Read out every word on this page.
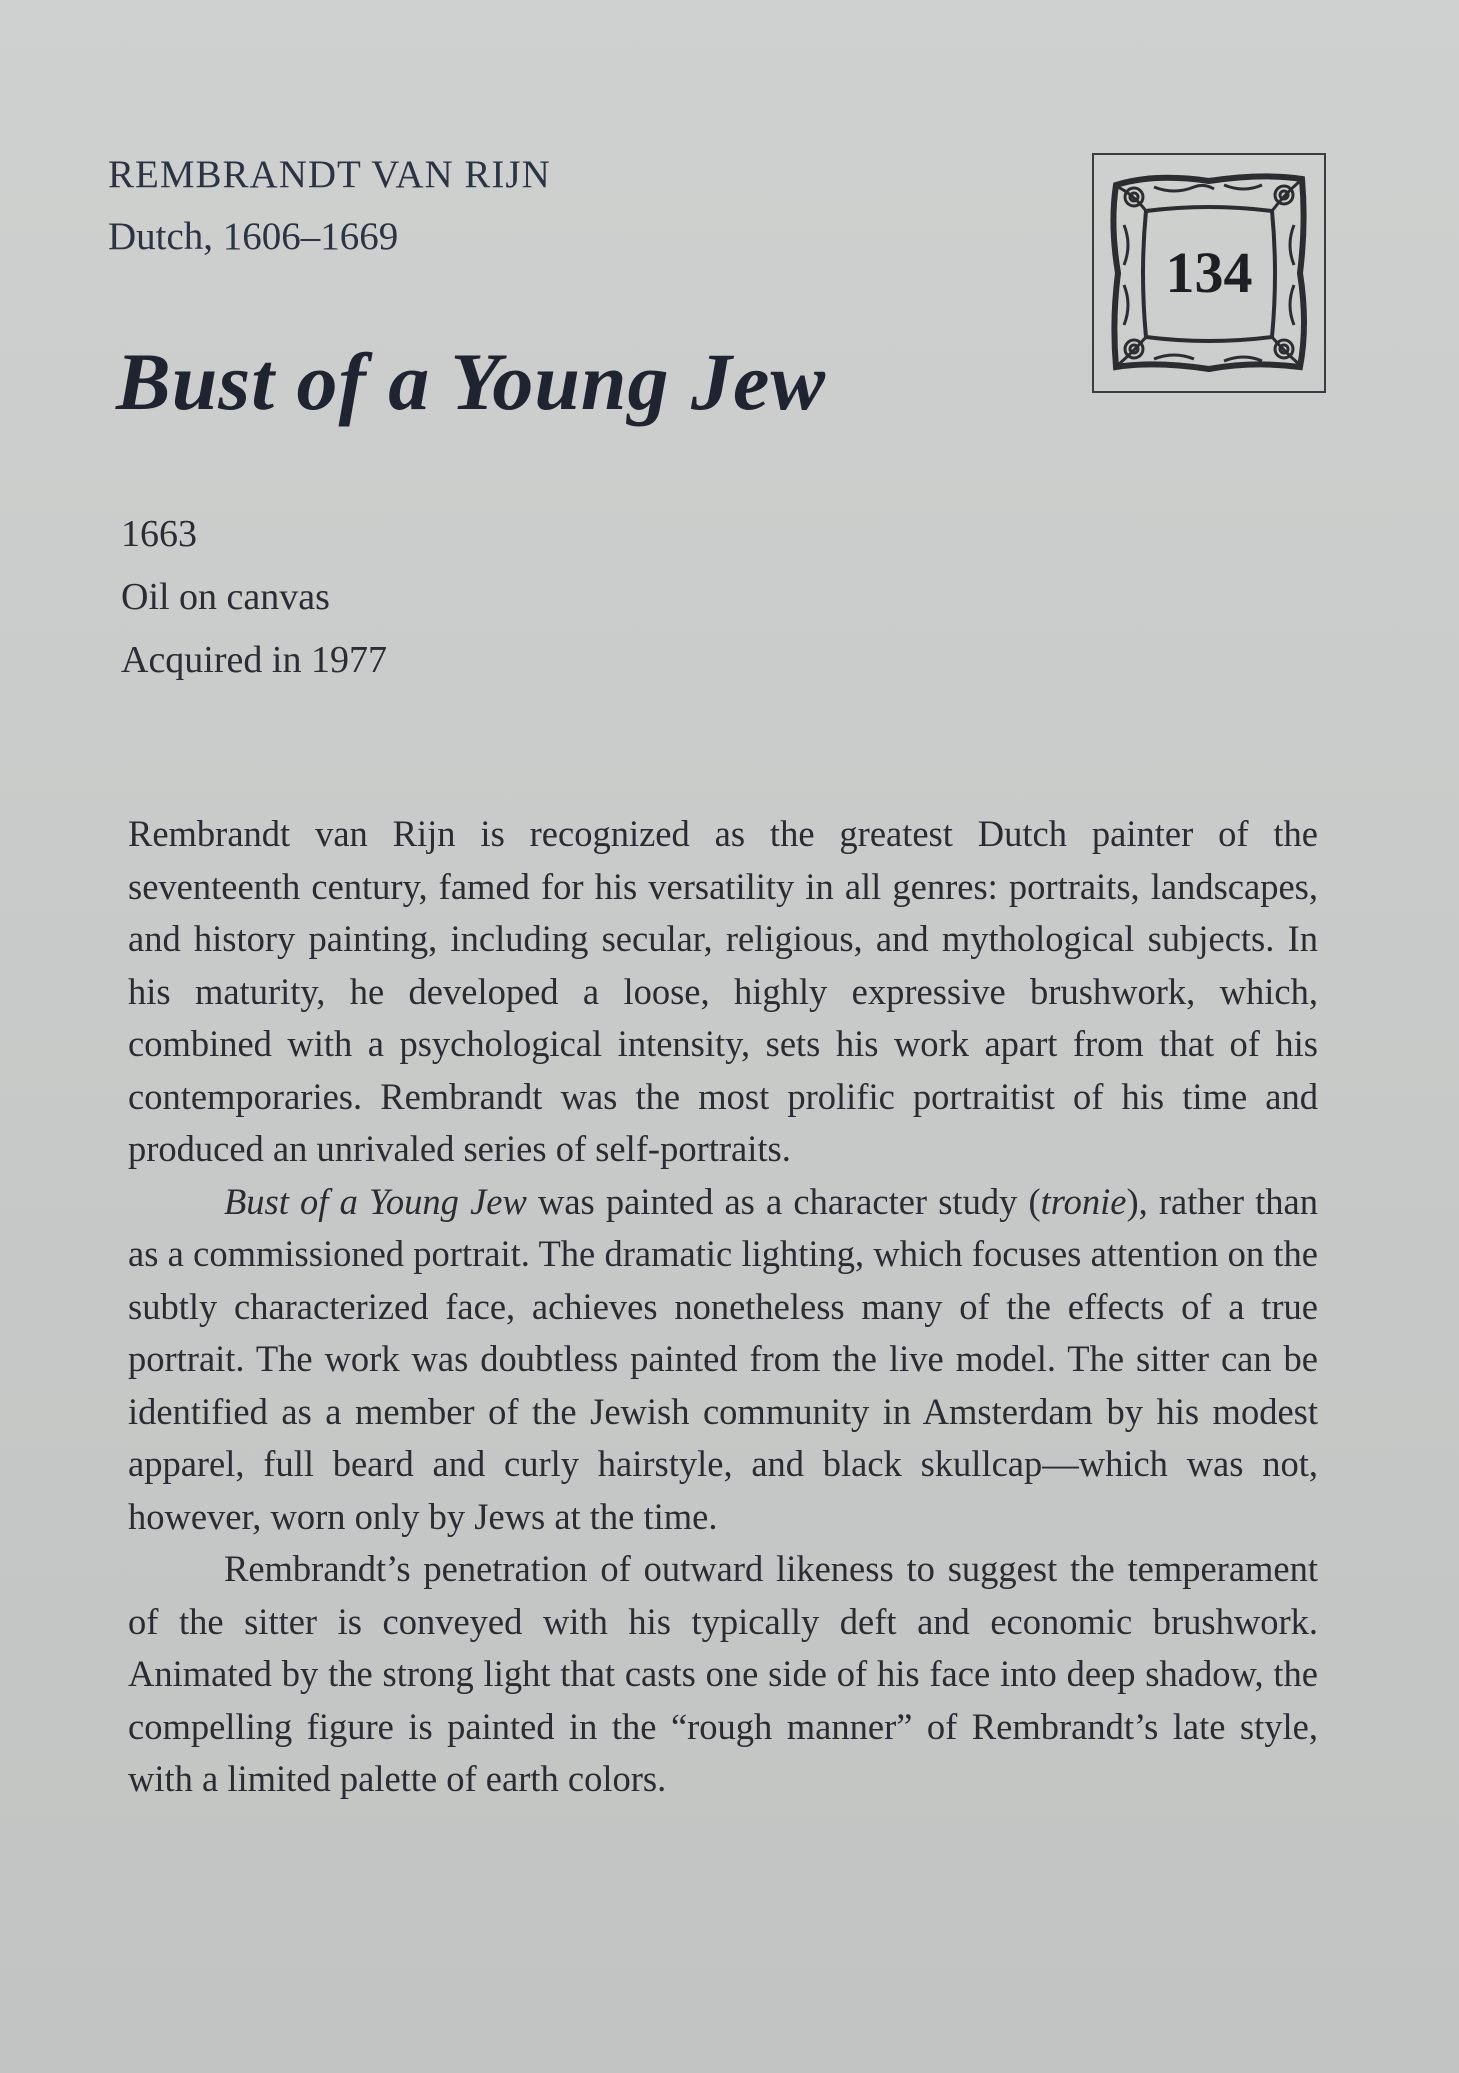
REMBRANDT VAN RIJN
Dutch, 1606–1669
Bust of a Young Jew
1663
Oil on canvas
Acquired in 1977
134

Rembrandt van Rijn is recognized as the greatest Dutch painter of the seventeenth century, famed for his versatility in all genres: portraits, landscapes, and history painting, including secular, religious, and mythological subjects. In his maturity, he developed a loose, highly expressive brushwork, which, combined with a psychological intensity, sets his work apart from that of his contemporaries. Rembrandt was the most prolific portraitist of his time and produced an unrivaled series of self-portraits.

Bust of a Young Jew was painted as a character study (tronie), rather than as a commissioned portrait. The dramatic lighting, which focuses attention on the subtly characterized face, achieves nonetheless many of the effects of a true portrait. The work was doubtless painted from the live model. The sitter can be identified as a member of the Jewish community in Amsterdam by his modest apparel, full beard and curly hairstyle, and black skullcap—which was not, however, worn only by Jews at the time.

Rembrandt’s penetration of outward likeness to suggest the temperament of the sitter is conveyed with his typically deft and economic brushwork. Animated by the strong light that casts one side of his face into deep shadow, the compelling figure is painted in the “rough manner” of Rembrandt’s late style, with a limited palette of earth colors.
